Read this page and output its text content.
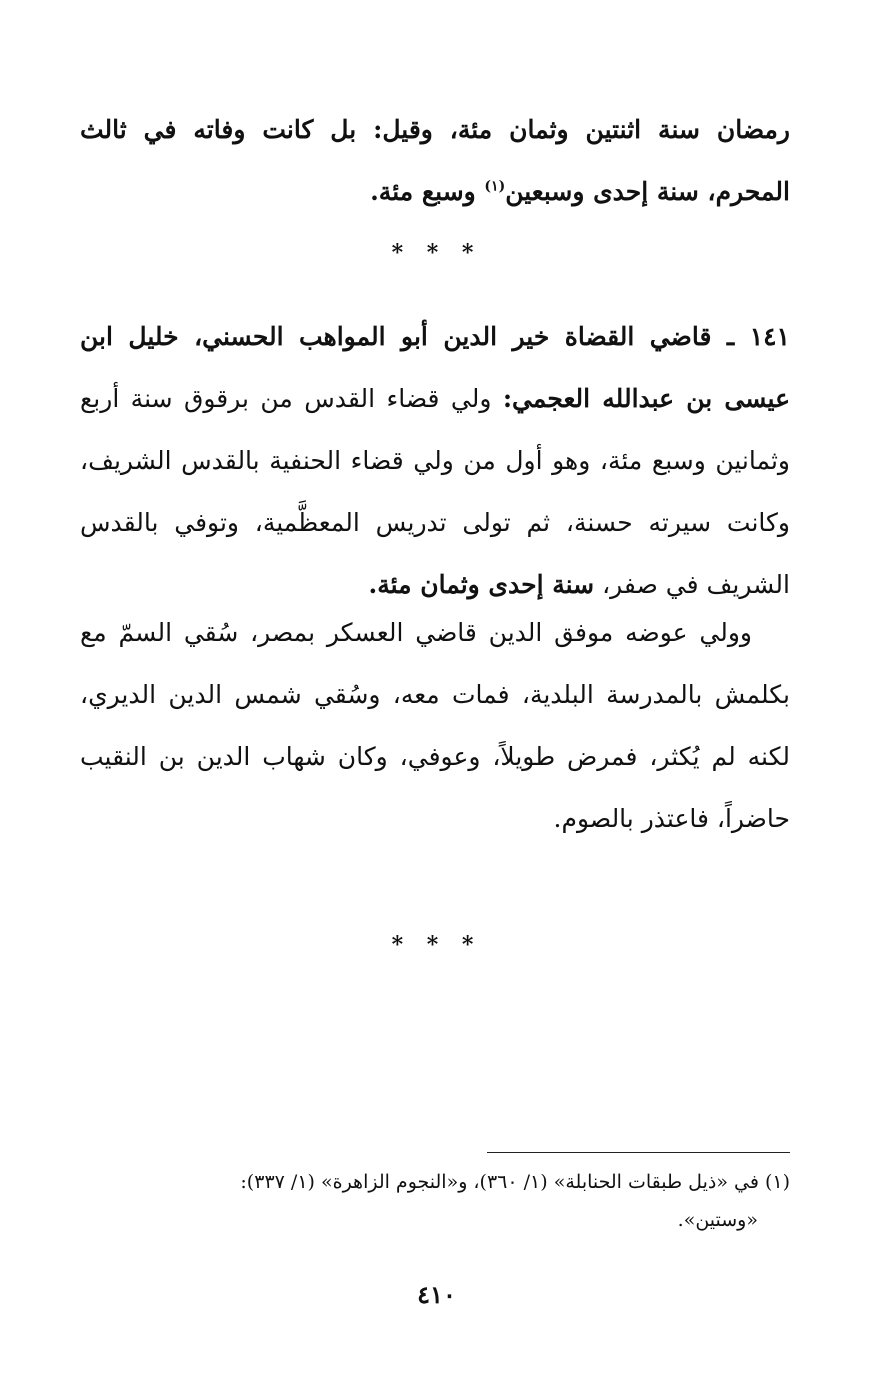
رمضان سنة اثنتين وثمان مئة، وقيل: بل كانت وفاته في ثالث المحرم، سنة إحدى وسبعين$^{(١)}$ وسبع مئة.

* * *

١٤١ ـ قاضي القضاة خير الدين أبو المواهب الحسني، خليل ابن عيسى بن عبدالله العجمي: ولي قضاء القدس من برقوق سنة أربع وثمانين وسبع مئة، وهو أول من ولي قضاء الحنفية بالقدس الشريف، وكانت سيرته حسنة، ثم تولى تدريس المعظَّمية، وتوفي بالقدس الشريف في صفر، سنة إحدى وثمان مئة.

وولي عوضه موفق الدين قاضي العسكر بمصر، سُقي السمّ مع بكلمش بالمدرسة البلدية، فمات معه، وسُقي شمس الدين الديري، لكنه لم يُكثر، فمرض طويلاً، وعوفي، وكان شهاب الدين بن النقيب حاضراً، فاعتذر بالصوم.

* * *

(١) في «ذيل طبقات الحنابلة» (١/ ٣٦٠)، و«النجوم الزاهرة» (١/ ٣٣٧):

«وستين».

٤١٠
